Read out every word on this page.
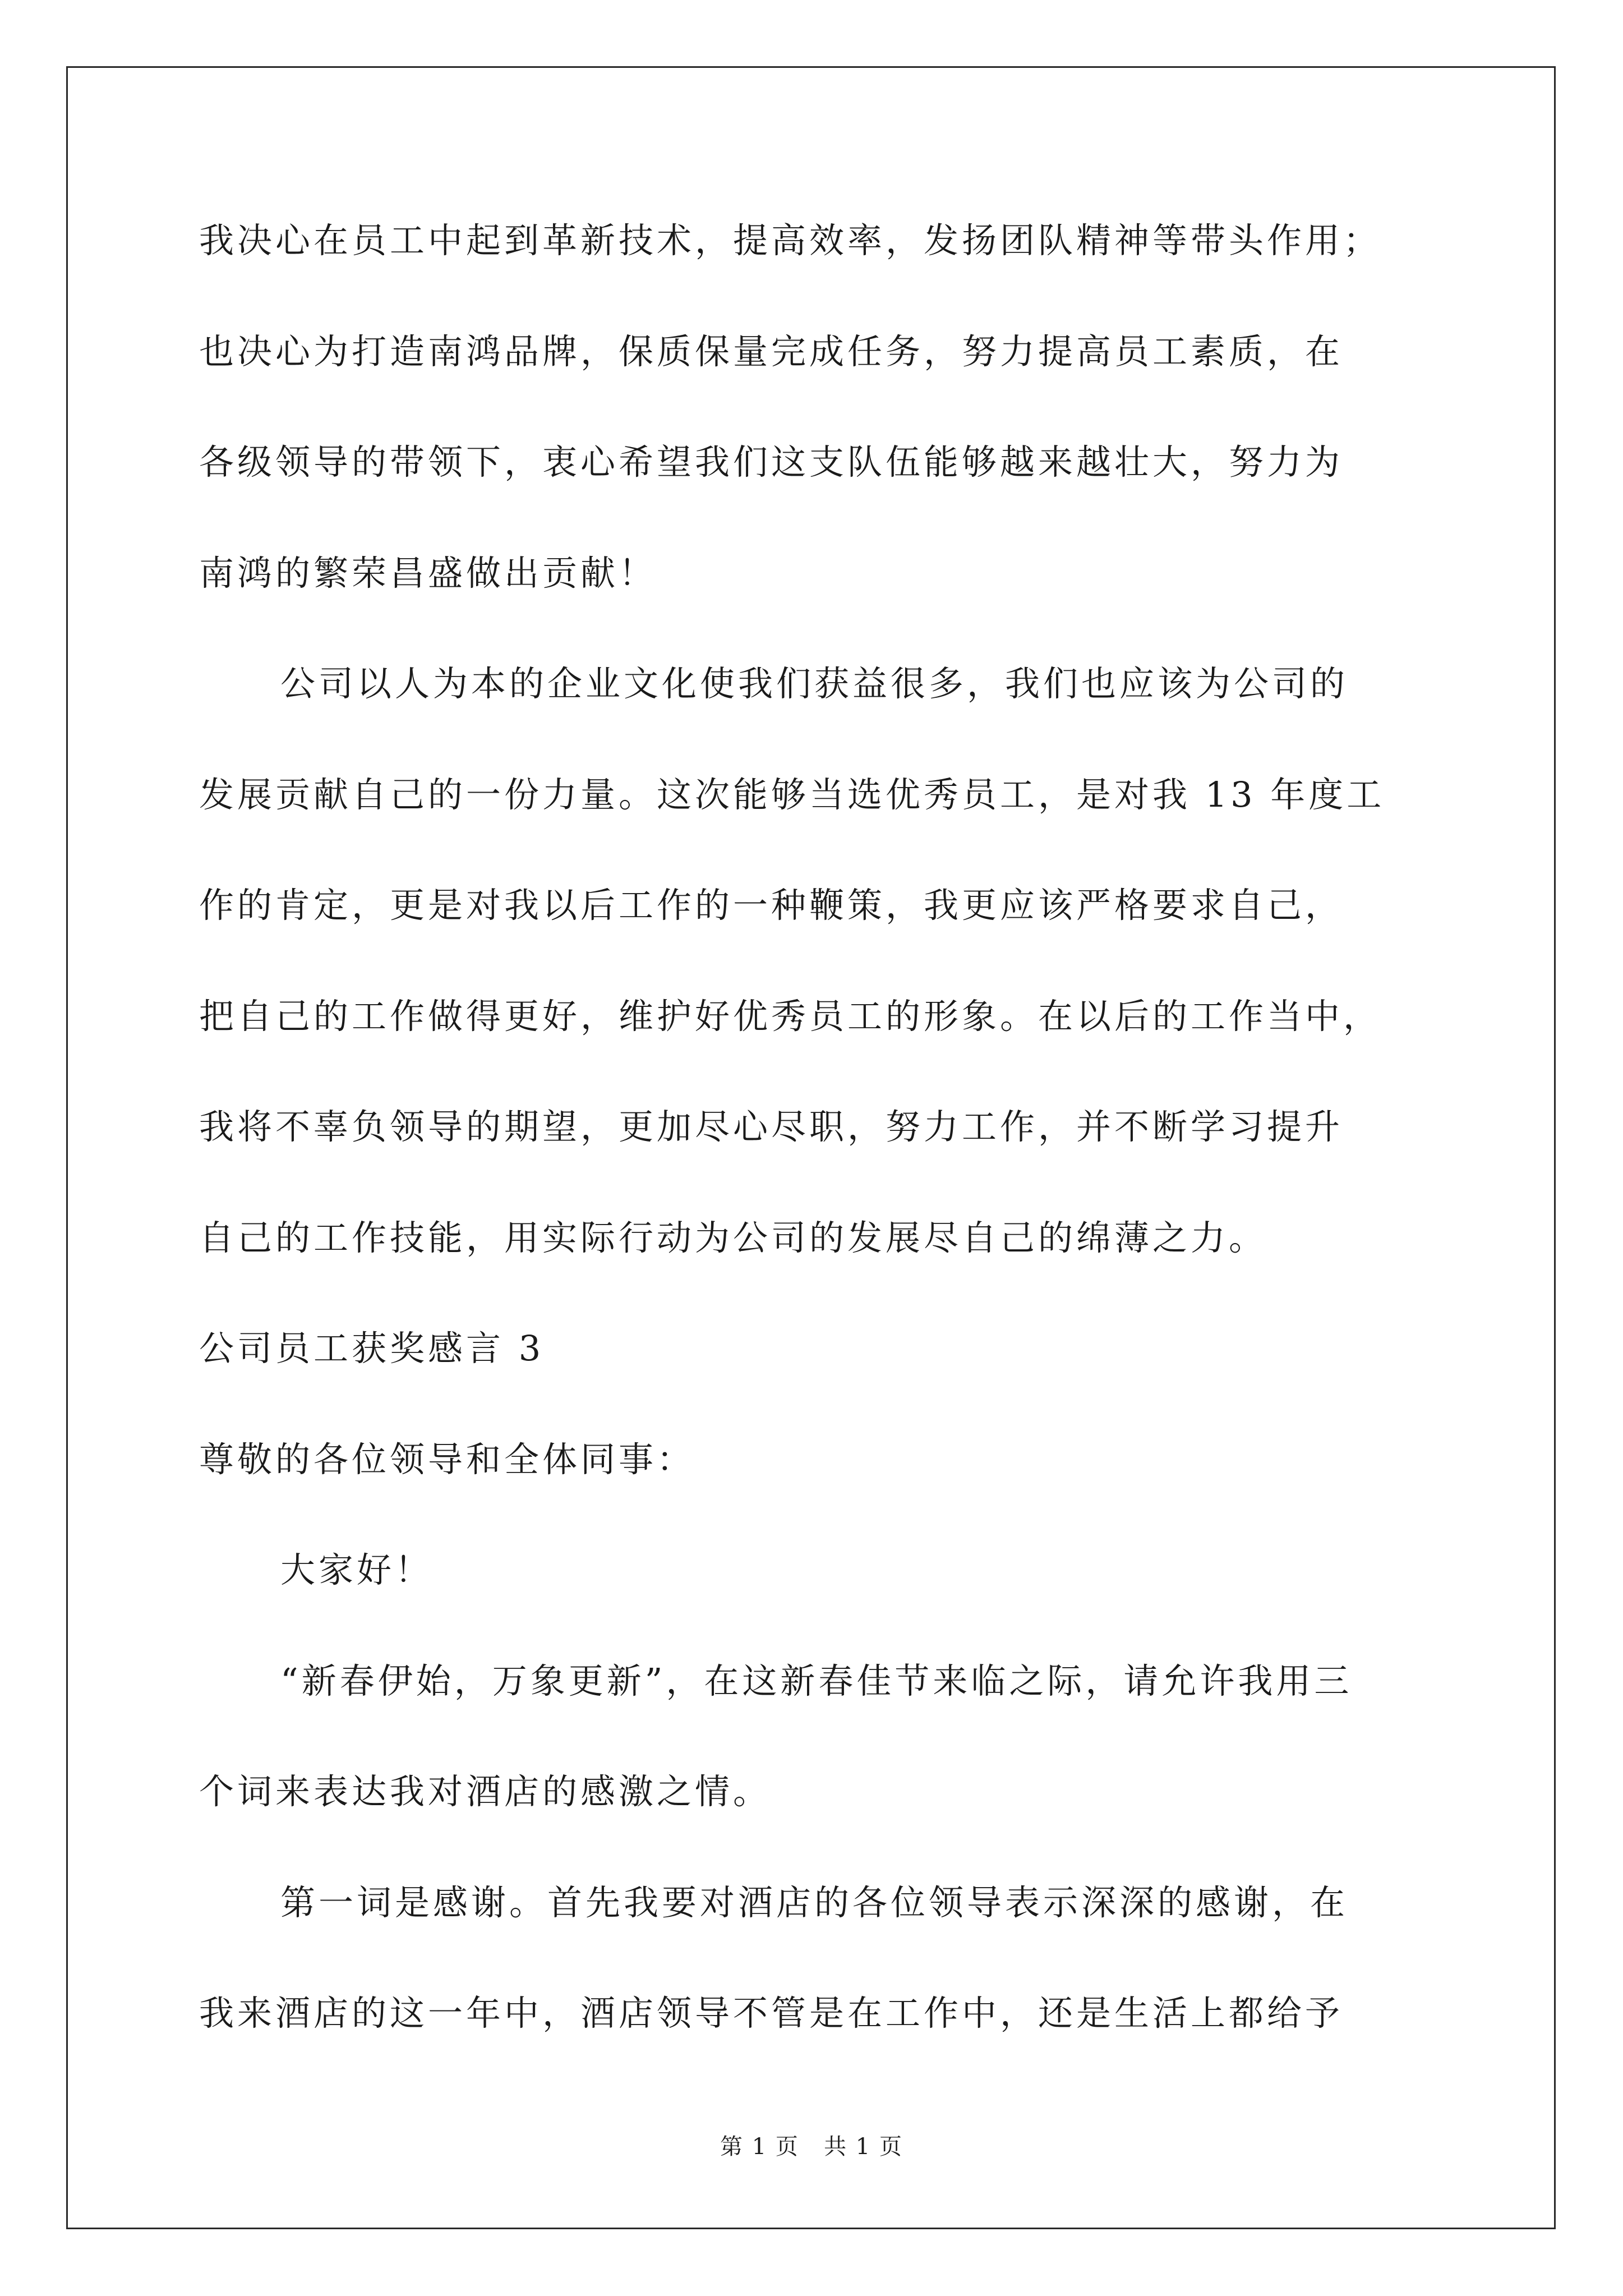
我决心在员工中起到革新技术，提高效率，发扬团队精神等带头作用；
也决心为打造南鸿品牌，保质保量完成任务，努力提高员工素质，在
各级领导的带领下，衷心希望我们这支队伍能够越来越壮大，努力为
南鸿的繁荣昌盛做出贡献！
公司以人为本的企业文化使我们获益很多，我们也应该为公司的
发展贡献自己的一份力量。这次能够当选优秀员工，是对我 13 年度工
作的肯定，更是对我以后工作的一种鞭策，我更应该严格要求自己，
把自己的工作做得更好，维护好优秀员工的形象。在以后的工作当中，
我将不辜负领导的期望，更加尽心尽职，努力工作，并不断学习提升
自己的工作技能，用实际行动为公司的发展尽自己的绵薄之力。
公司员工获奖感言 3
尊敬的各位领导和全体同事：
大家好！
“新春伊始，万象更新”，在这新春佳节来临之际，请允许我用三
个词来表达我对酒店的感激之情。
第一词是感谢。首先我要对酒店的各位领导表示深深的感谢，在
我来酒店的这一年中，酒店领导不管是在工作中，还是生活上都给予
第 1 页   共 1 页
